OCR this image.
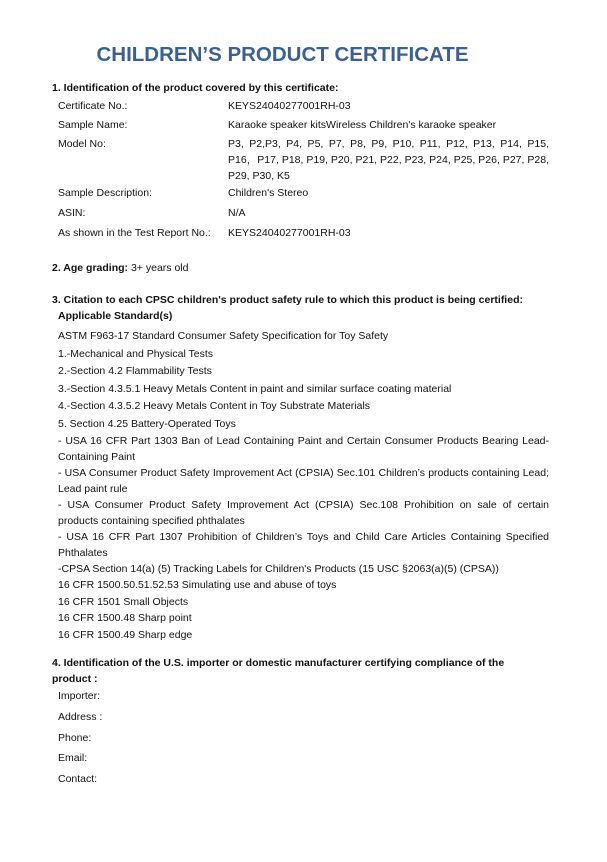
CHILDREN’S PRODUCT CERTIFICATE
1. Identification of the product covered by this certificate:
Certificate No.:	KEYS24040277001RH-03
Sample Name:	Karaoke speaker kitsWireless Children's karaoke speaker
Model No:	P3, P2,P3, P4, P5, P7, P8, P9, P10, P11, P12, P13, P14, P15, P16，P17, P18, P19, P20, P21, P22, P23, P24, P25, P26, P27, P28, P29, P30, K5
Sample Description:	Children's Stereo
ASIN:	N/A
As shown in the Test Report No.: KEYS24040277001RH-03
2. Age grading: 3+ years old
3. Citation to each CPSC children's product safety rule to which this product is being certified:
Applicable Standard(s)
ASTM F963-17 Standard Consumer Safety Specification for Toy Safety
1.-Mechanical and Physical Tests
2.-Section 4.2 Flammability Tests
3.-Section 4.3.5.1 Heavy Metals Content in paint and similar surface coating material
4.-Section 4.3.5.2 Heavy Metals Content in Toy Substrate Materials
5. Section 4.25 Battery-Operated Toys
- USA 16 CFR Part 1303 Ban of Lead Containing Paint and Certain Consumer Products Bearing Lead- Containing Paint
- USA Consumer Product Safety Improvement Act (CPSIA) Sec.101 Children’s products containing Lead; Lead paint rule
- USA Consumer Product Safety Improvement Act (CPSIA) Sec.108 Prohibition on sale of certain products containing specified phthalates
- USA 16 CFR Part 1307 Prohibition of Children’s Toys and Child Care Articles Containing Specified Phthalates
-CPSA Section 14(a) (5) Tracking Labels for Children's Products (15 USC §2063(a)(5) (CPSA))
16 CFR 1500.50.51.52.53 Simulating use and abuse of toys
16 CFR 1501 Small Objects
16 CFR 1500.48 Sharp point
16 CFR 1500.49 Sharp edge
4. Identification of the U.S. importer or domestic manufacturer certifying compliance of the product :
Importer:
Address :
Phone:
Email:
Contact:
